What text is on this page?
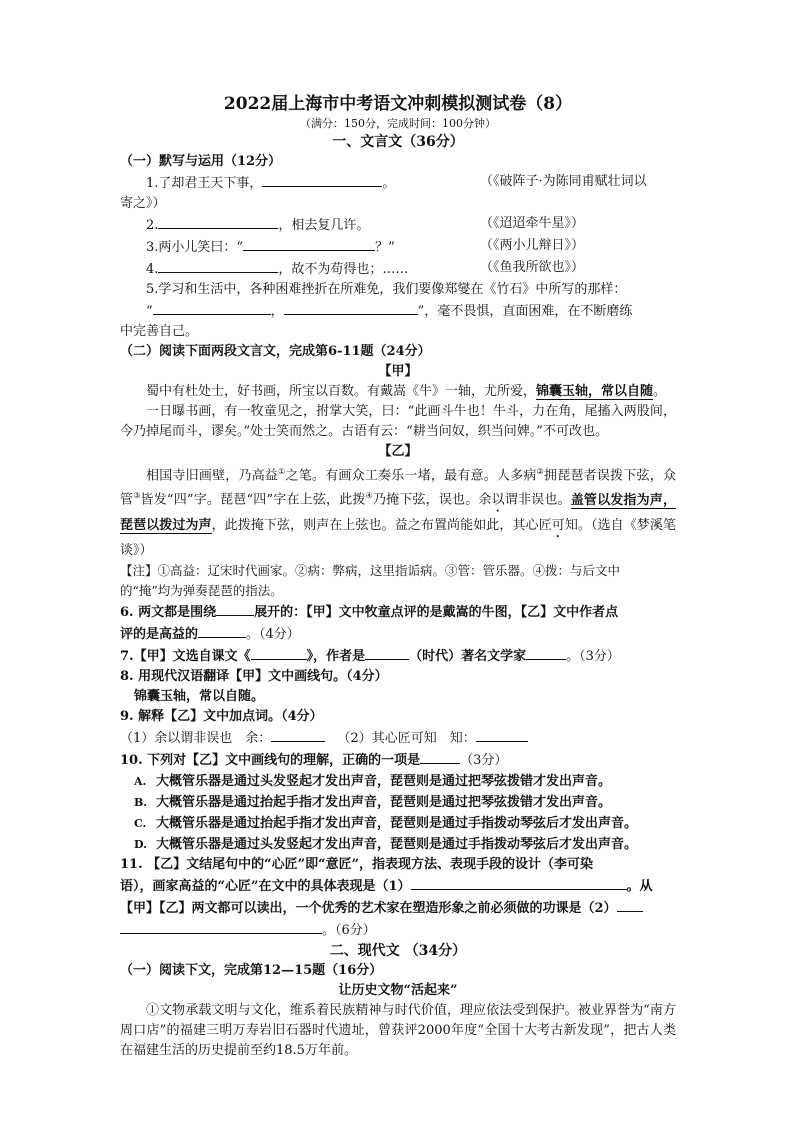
2022届上海市中考语文冲刺模拟测试卷（8）
（满分：150分，完成时间：100分钟）
一、文言文（36分）
（一）默写与运用（12分）
1.了却君王天下事，	。	（《破阵子·为陈同甫赋壮词以
寄之》）
2.	，相去复几许。	（《迢迢牵牛星》）
3.两小儿笑曰：“	？”	（《两小儿辩日》）
4.	，故不为苟得也；……	（《鱼我所欲也》）
5.学习和生活中，各种困难挫折在所难免，我们要像郑燮在《竹石》中所写的那样：
“	，	”，毫不畏惧，直面困难，在不断磨练
中完善自己。
（二）阅读下面两段文言文，完成第6-11题（24分）
【甲】
蜀中有杜处士，好书画，所宝以百数。有戴嵩《牛》一轴，尤所爱，锦囊玉轴，常以自随。
一日曝书画，有一牧童见之，拊掌大笑，曰：“此画斗牛也！牛斗，力在角，尾搐入两股间，今乃掉尾而斗，谬矣。”处士笑而然之。古语有云：“耕当问奴，织当问婢。”不可改也。
【乙】
相国寺旧画壁，乃高益①之笔。有画众工奏乐一堵，最有意。人多病②拥琵琶者误拨下弦，众管③皆发“四”字。琵琶“四”字在上弦，此拨④乃掩下弦，误也。余以谓非误也。盖管以发指为声，琵琶以拨过为声，此拨掩下弦，则声在上弦也。益之布置尚能如此，其心匠可知。（选自《梦溪笔谈》）
【注】①高益：辽宋时代画家。②病：弊病，这里指诟病。③管：管乐器。④拨：与后文中
的“掩”均为弹奏琵琶的指法。
6. 两文都是围绕	展开的：【甲】文中牧童点评的是戴嵩的牛图，【乙】文中作者点
评的是高益的	。（4分）
7.【甲】文选自课文《	》，作者是	（时代）著名文学家	。（3分）
8. 用现代汉语翻译【甲】文中画线句。（4分）
锦囊玉轴，常以自随。
9. 解释【乙】文中加点词。（4分）
（1）余以谓非误也　余：	（2）其心匠可知　知：
10. 下列对【乙】文中画线句的理解，正确的一项是	（3分）
A. 大概管乐器是通过头发竖起才发出声音，琵琶则是通过把琴弦拨错才发出声音。
B. 大概管乐器是通过抬起手指才发出声音，琵琶则是通过把琴弦拨错才发出声音。
C. 大概管乐器是通过抬起手指才发出声音，琵琶则是通过手指拨动琴弦后才发出声音。
D. 大概管乐器是通过头发竖起才发出声音，琵琶则是通过手指拨动琴弦后才发出声音。
11. 【乙】文结尾句中的“心匠”即“意匠”，指表现方法、表现手段的设计（李可染
语），画家高益的“心匠”在文中的具体表现是（1）	。从
【甲】【乙】两文都可以读出，一个优秀的艺术家在塑造形象之前必须做的功课是（2）
。（6分）
二、现代文 （34分）
（一）阅读下文，完成第12—15题（16分）
让历史文物“活起来”
①文物承载文明与文化，维系着民族精神与时代价值，理应依法受到保护。被业界誉为“南方周口店”的福建三明万寿岩旧石器时代遗址，曾获评2000年度“全国十大考古新发现”，把古人类在福建生活的历史提前至约18.5万年前。
